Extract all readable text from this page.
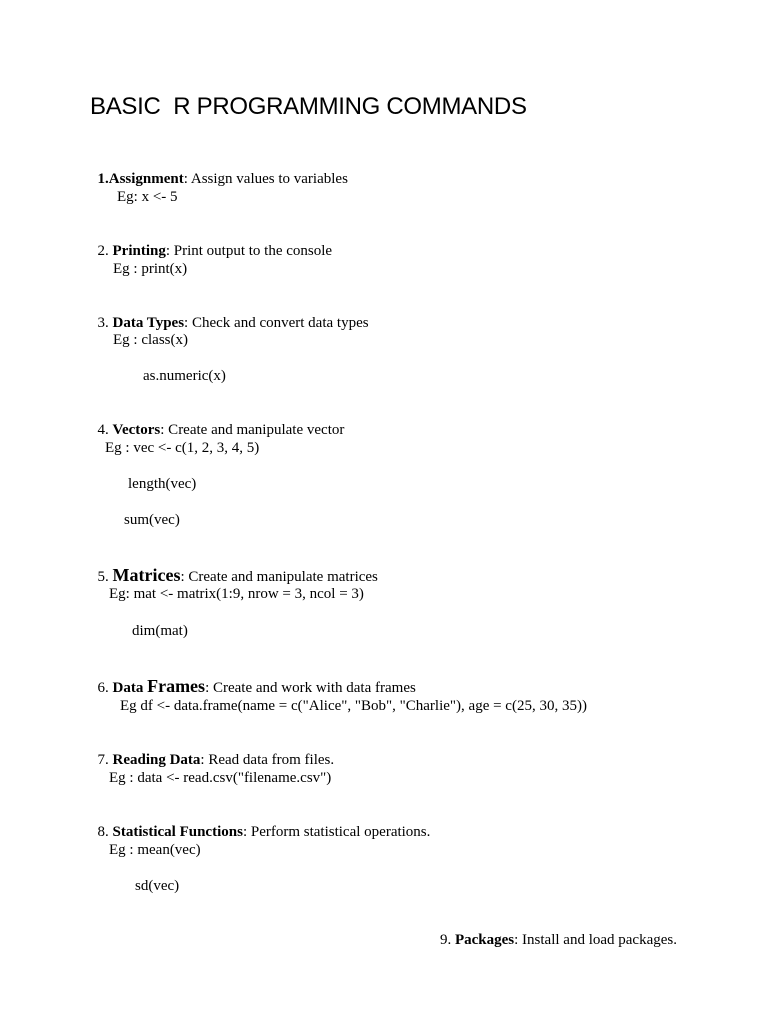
BASIC  R PROGRAMMING COMMANDS

1.Assignment: Assign values to variables

Eg: x <- 5

2. Printing: Print output to the console

Eg : print(x)

3. Data Types: Check and convert data types

Eg : class(x)
as.numeric(x)

4. Vectors: Create and manipulate vector

Eg : vec <- c(1, 2, 3, 4, 5)
length(vec)
sum(vec)

5. Matrices: Create and manipulate matrices

Eg: mat <- matrix(1:9, nrow = 3, ncol = 3)
dim(mat)

6. Data Frames: Create and work with data frames

Eg df <- data.frame(name = c("Alice", "Bob", "Charlie"), age = c(25, 30, 35))

7. Reading Data: Read data from files.

Eg : data <- read.csv("filename.csv")

8. Statistical Functions: Perform statistical operations.

Eg : mean(vec)
sd(vec)

9. Packages: Install and load packages.
